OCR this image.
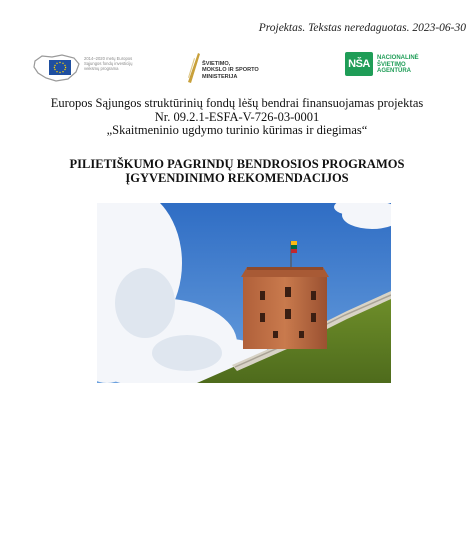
Projektas. Tekstas neredaguotas. 2023-06-30
2014–2020 metų Europos Sąjungos fondų investicijų veiksmų programa
ŠVIETIMO,
MOKSLO IR SPORTO
MINISTERIJA
NŠA	NACIONALINĖ
ŠVIETIMO
AGENTŪRA
Europos Sąjungos struktūrinių fondų lėšų bendrai finansuojamas projektas
Nr. 09.2.1-ESFA-V-726-03-0001
„Skaitmeninio ugdymo turinio kūrimas ir diegimas“
PILIETIŠKUMO PAGRINDŲ BENDROSIOS PROGRAMOS
ĮGYVENDINIMO REKOMENDACIJOS
